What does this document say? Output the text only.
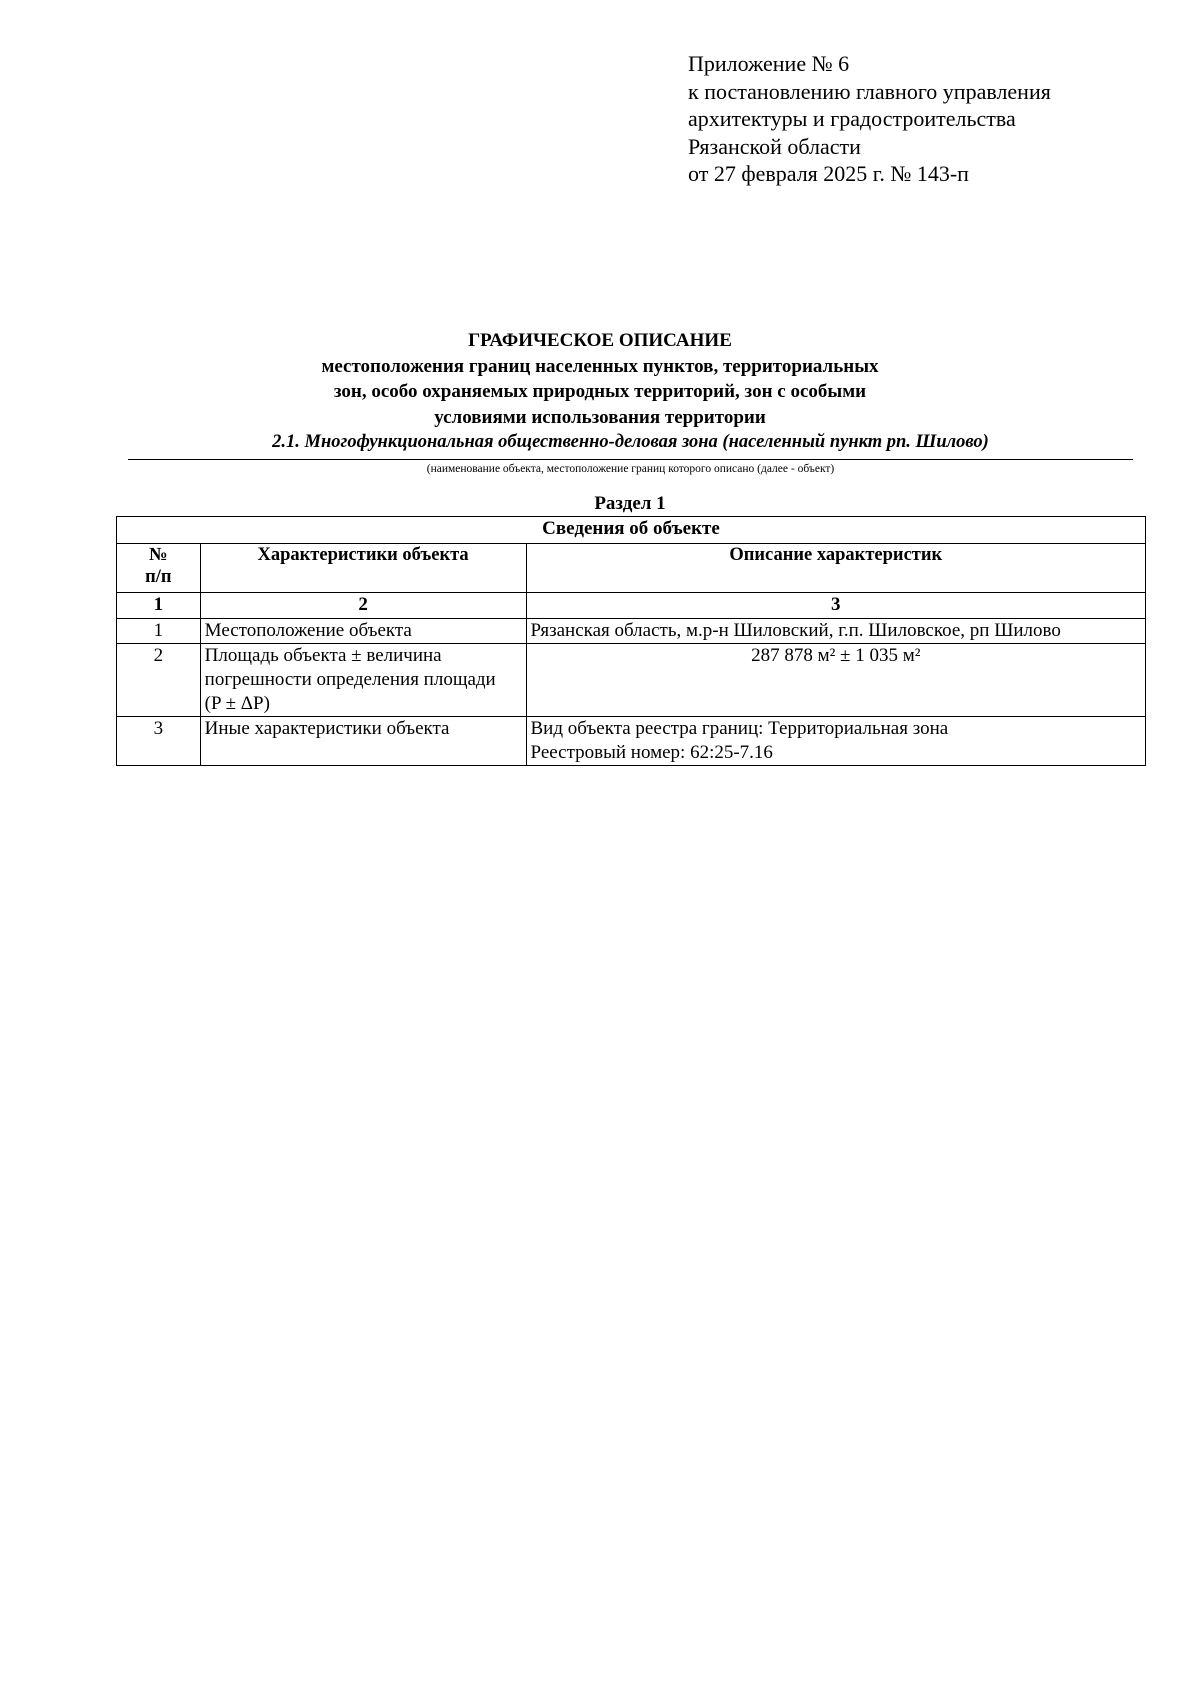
Приложение № 6
к постановлению главного управления
архитектуры и градостроительства
Рязанской области
от 27 февраля 2025 г. № 143-п
ГРАФИЧЕСКОЕ ОПИСАНИЕ
местоположения границ населенных пунктов, территориальных
зон, особо охраняемых природных территорий, зон с особыми
условиями использования территории
2.1. Многофункциональная общественно-деловая зона (населенный пункт рп. Шилово)
(наименование объекта, местоположение границ которого описано (далее - объект)
Раздел 1
Сведения об объекте		

№
п/п	Характеристики объекта	Описание характеристик
1	2	3
1	Местоположение объекта	Рязанская область, м.р-н Шиловский, г.п. Шиловское, рп Шилово

2	Площадь объекта ± величина
погрешности определения площади
(P ± ΔP)	287 878 м² ± 1 035 м²

3	Иные характеристики объекта	Вид объекта реестра границ: Территориальная зона
Реестровый номер: 62:25-7.16
